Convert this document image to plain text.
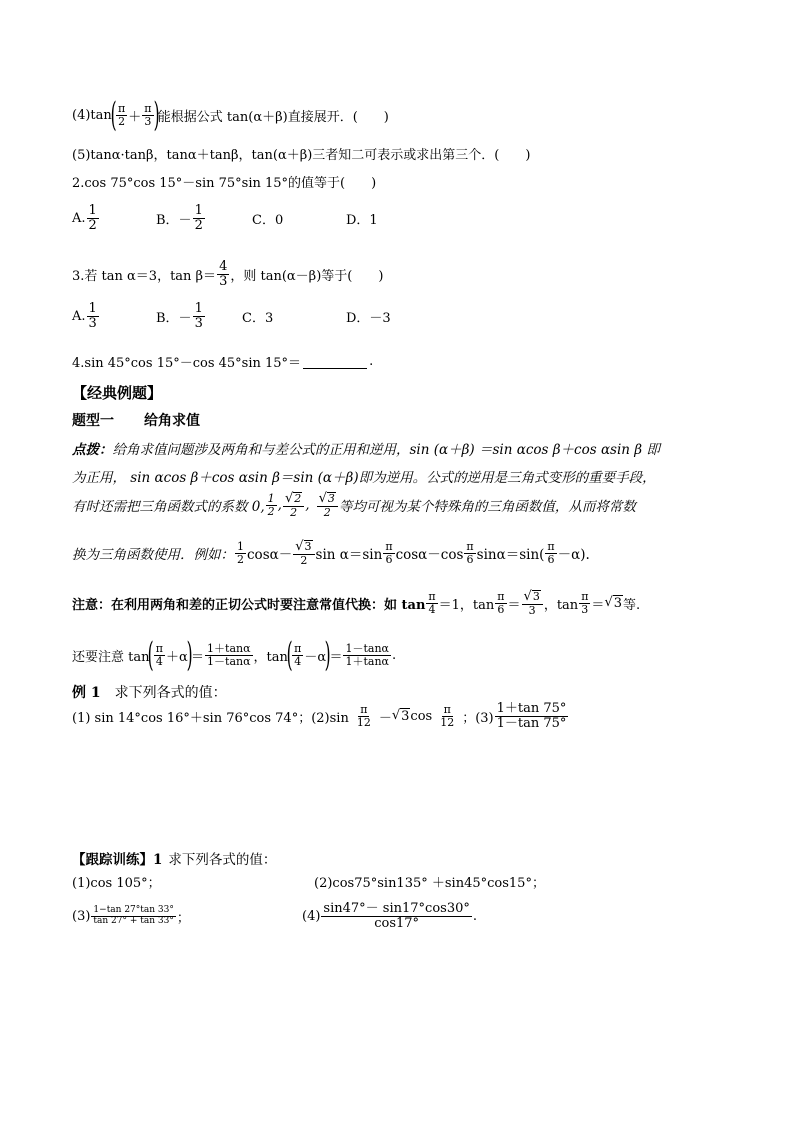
(4)tan
( π
2 ＋
π
3 )
能根据公式 tan(α＋β)直接展开．(　　)
(5)tanα·tanβ，tanα＋tanβ，tan(α＋β)三者知二可表示或求出第三个．(　　)
2.cos 75°cos 15°－sin 75°sin 15°的值等于(　　)
A.
1
2	B．－
1
2	C．0	D．1
3.若 tan α＝3，tan β＝
4
3 ，则 tan(α－β)等于(　　)
A.
1
3	B．－
1
3	C．3	D．－3
4.sin 45°cos 15°－cos 45°sin 15°＝	.
【经典例题】
题型一	给角求值
点拨： 给角求值问题涉及两角和与差公式的正用和逆用，sin (α＋β) ＝sin αcos β＋cos αsin β 即
为正用， sin αcos β＋cos αsin β＝sin (α＋β)即为逆用。公式的逆用是三角式变形的重要手段，
有时还需把三角函数式的系数 0,
1
2 , √ 2
2 , √ 3
2 等均可视为某个特殊角的三角函数值，从而将常数
换为三角函数使用．例如：
1
2 cosα－
√ 3
2 sin α＝sin
π
6 cosα－cos
π
6 sinα＝sin(
π
6 －α).
注意： 在利用两角和差的正切公式时要注意常值代换：如 tan
π
4 ＝1，tan
π
6 ＝
√ 3
3 ，tan
π
3 ＝ √ 3 等.
还要注意 tan
( π
4 ＋α
)
＝
1＋tanα
1－tanα ，tan
( π
4 －α
)
＝
1－tanα
1＋tanα .
例 1 求下列各式的值：
(1) sin 14°cos 16°＋sin 76°cos 74°；(2)sin
π
12 － √ 3 cos π
12 ；(3)
1＋tan 75°
1－tan 75°
【跟踪训练】1 求下列各式的值：
(1)cos 105°；	(2)cos75°sin135° ＋sin45°cos15°；
(3) 1−tan 27°tan 33°
tan 27° + tan 33° ；	(4)
sin47°－ sin17°cos30°
cos17°	.
